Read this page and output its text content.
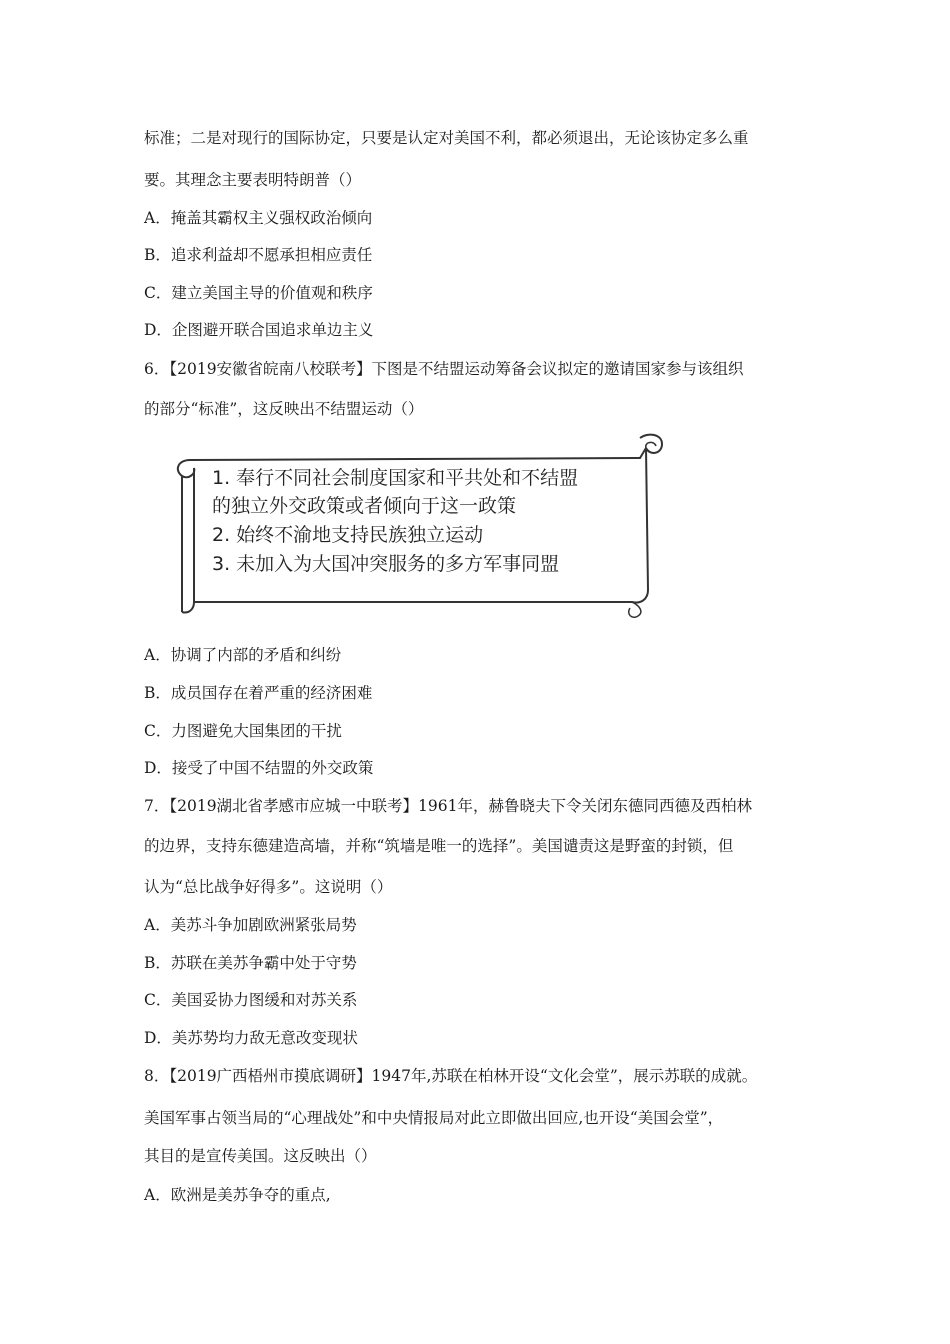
标准；二是对现行的国际协定，只要是认定对美国不利，都必须退出，无论该协定多么重
要。其理念主要表明特朗普（）
A．掩盖其霸权主义强权政治倾向
B．追求利益却不愿承担相应责任
C．建立美国主导的价值观和秩序
D．企图避开联合国追求单边主义
6．【2019安徽省皖南八校联考】下图是不结盟运动筹备会议拟定的邀请国家参与该组织
的部分“标准”，这反映出不结盟运动（）
1. 奉行不同社会制度国家和平共处和不结盟
的独立外交政策或者倾向于这一政策
2. 始终不渝地支持民族独立运动
3. 未加入为大国冲突服务的多方军事同盟
A．协调了内部的矛盾和纠纷
B．成员国存在着严重的经济困难
C．力图避免大国集团的干扰
D．接受了中国不结盟的外交政策
7．【2019湖北省孝感市应城一中联考】1961年，赫鲁晓夫下令关闭东德同西德及西柏林
的边界，支持东德建造高墙，并称“筑墙是唯一的选择”。美国谴责这是野蛮的封锁，但
认为“总比战争好得多”。这说明（）
A．美苏斗争加剧欧洲紧张局势
B．苏联在美苏争霸中处于守势
C．美国妥协力图缓和对苏关系
D．美苏势均力敌无意改变现状
8．【2019广西梧州市摸底调研】1947年,苏联在柏林开设“文化会堂”，展示苏联的成就。
美国军事占领当局的“心理战处”和中央情报局对此立即做出回应,也开设“美国会堂”，
其目的是宣传美国。这反映出（）
A．欧洲是美苏争夺的重点,
